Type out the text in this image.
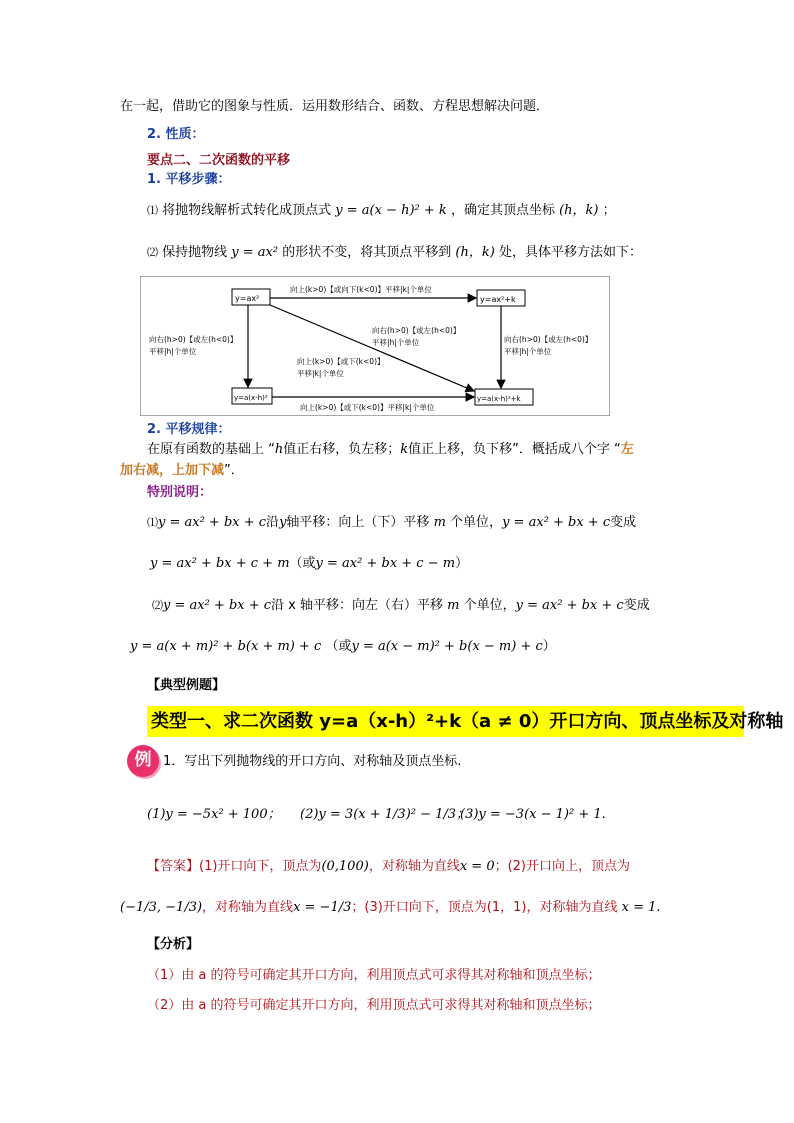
在一起，借助它的图象与性质．运用数形结合、函数、方程思想解决问题．
2. 性质：
要点二、二次函数的平移
1. 平移步骤：
⑴ 将抛物线解析式转化成顶点式 y = a(x − h)² + k ，确定其顶点坐标 (h，k) ；
⑵ 保持抛物线 y = ax² 的形状不变，将其顶点平移到 (h，k) 处，具体平移方法如下：
y=ax²	y=ax²+k
y=a(x-h)²	y=a(x-h)²+k
向上(k>0)【或向下(k<0)】平移|k|个单位
向上(k>0)【或下(k<0)】平移|k|个单位
向右(h>0)【或左(h<0)】
平移|h|个单位
向右(h>0)【或左(h<0)】
平移|h|个单位
向右(h>0)【或左(h<0)】
平移|h|个单位
向上(k>0)【或下(k<0)】
平移|k|个单位
2. 平移规律：
在原有函数的基础上 “h值正右移，负左移；k值正上移，负下移”．概括成八个字 “左
加右减，上加下减”．
特别说明：
⑴y = ax² + bx + c沿y轴平移：向上（下）平移 m 个单位，y = ax² + bx + c变成
y = ax² + bx + c + m（或y = ax² + bx + c − m）
⑵y = ax² + bx + c沿 x 轴平移：向左（右）平移 m 个单位，y = ax² + bx + c变成
y = a(x + m)² + b(x + m) + c （或y = a(x − m)² + b(x − m) + c）
【典型例题】
类型一、求二次函数 y=a（x-h）²+k（a ≠ 0）开口方向、顶点坐标及对称轴
例 1．写出下列抛物线的开口方向、对称轴及顶点坐标.
(1)y = −5x² + 100； (2)y = 3(x + 1/3)² − 1/3；
(3)y = −3(x − 1)² + 1.
【答案】(1)开口向下，顶点为(0,100)，对称轴为直线x = 0；(2)开口向上，顶点为
(−1/3, −1/3)，对称轴为直线x = −1/3；(3)开口向下，顶点为(1，1)，对称轴为直线 x = 1.
【分析】
（1）由 a 的符号可确定其开口方向，利用顶点式可求得其对称轴和顶点坐标；
（2）由 a 的符号可确定其开口方向，利用顶点式可求得其对称轴和顶点坐标；
